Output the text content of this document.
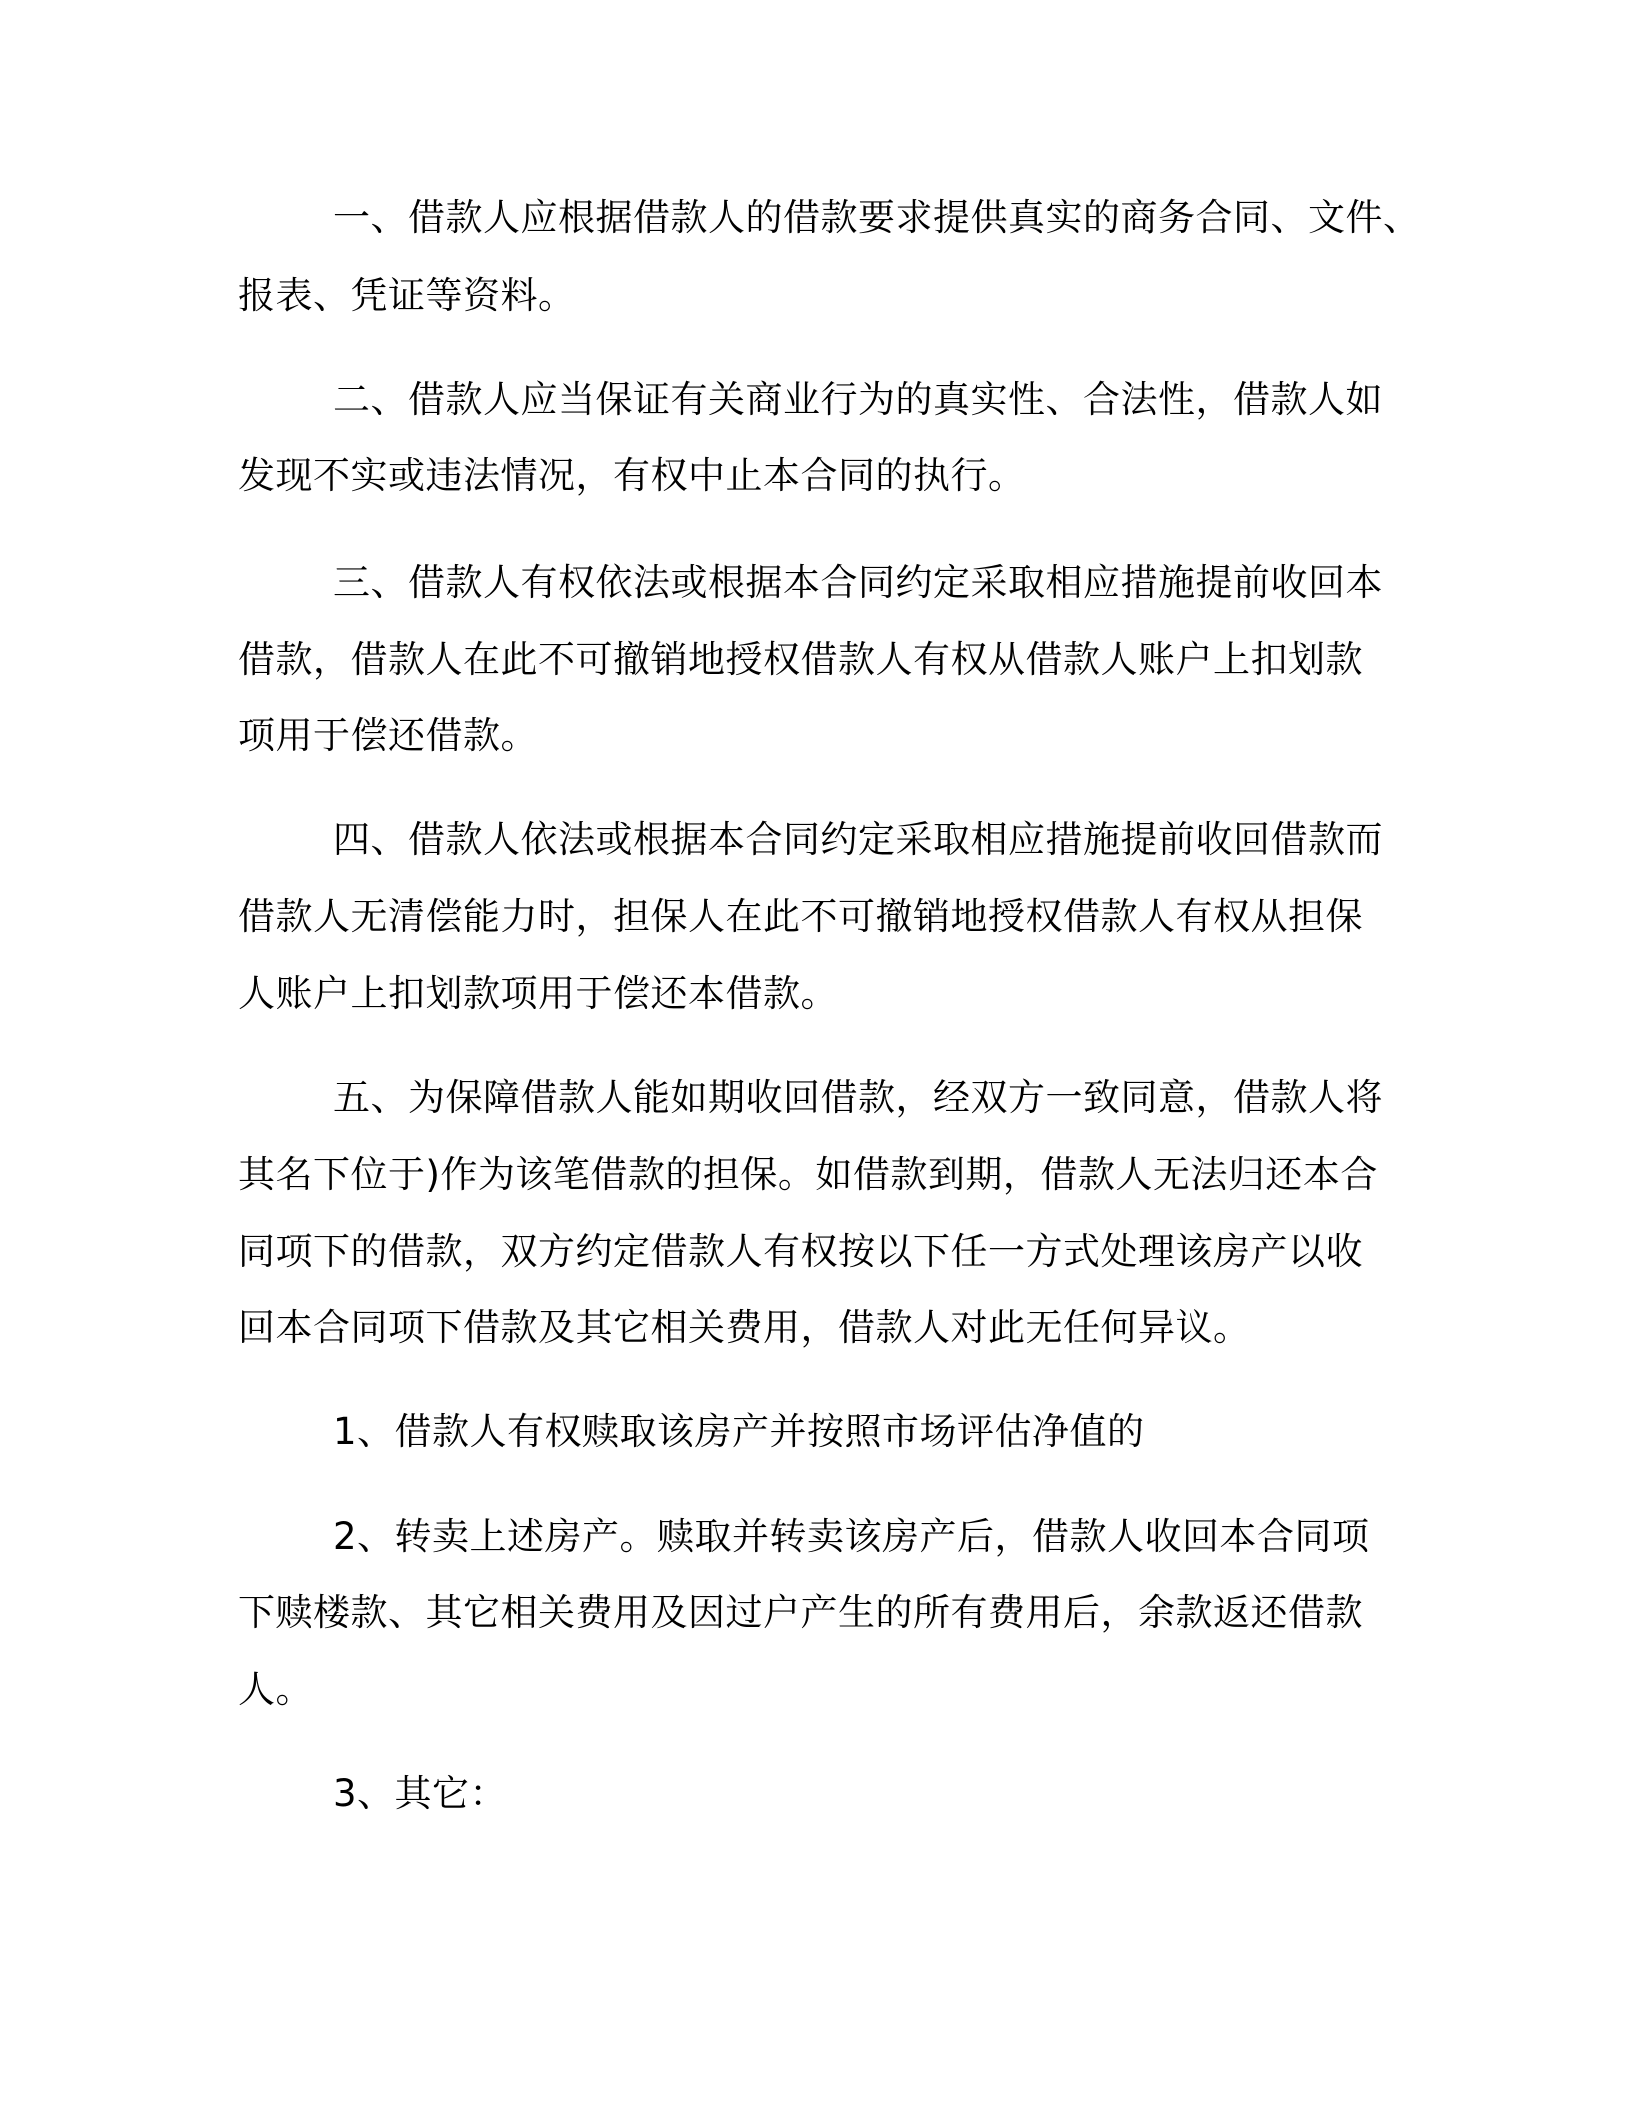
一、借款人应根据借款人的借款要求提供真实的商务合同、文件、

报表、凭证等资料。

二、借款人应当保证有关商业行为的真实性、合法性，借款人如

发现不实或违法情况，有权中止本合同的执行。

三、借款人有权依法或根据本合同约定采取相应措施提前收回本

借款，借款人在此不可撤销地授权借款人有权从借款人账户上扣划款

项用于偿还借款。

四、借款人依法或根据本合同约定采取相应措施提前收回借款而

借款人无清偿能力时，担保人在此不可撤销地授权借款人有权从担保

人账户上扣划款项用于偿还本借款。

五、为保障借款人能如期收回借款，经双方一致同意，借款人将

其名下位于)作为该笔借款的担保。如借款到期，借款人无法归还本合

同项下的借款，双方约定借款人有权按以下任一方式处理该房产以收

回本合同项下借款及其它相关费用，借款人对此无任何异议。

1、借款人有权赎取该房产并按照市场评估净值的

2、转卖上述房产。赎取并转卖该房产后，借款人收回本合同项

下赎楼款、其它相关费用及因过户产生的所有费用后，余款返还借款

人。

3、其它：
